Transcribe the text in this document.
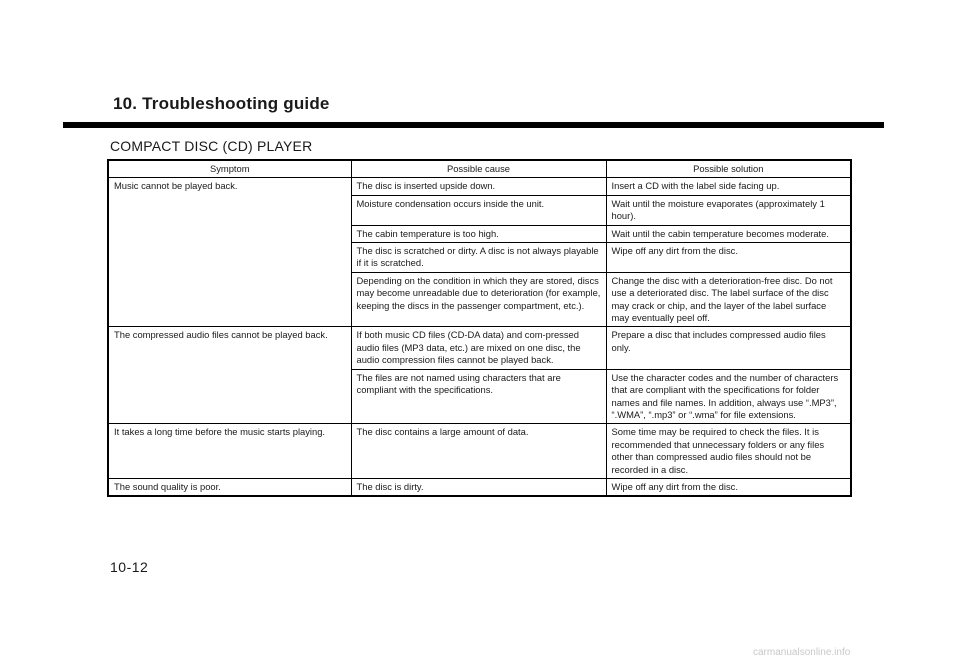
10. Troubleshooting guide
COMPACT DISC (CD) PLAYER
Symptom	Possible cause	Possible solution
Music cannot be played back.	The disc is inserted upside down.	Insert a CD with the label side facing up.
	Moisture condensation occurs inside the unit.	Wait until the moisture evaporates (approximately 1 hour).
	The cabin temperature is too high.	Wait until the cabin temperature becomes moderate.
	The disc is scratched or dirty. A disc is not always playable if it is scratched.	Wipe off any dirt from the disc.
	Depending on the condition in which they are stored, discs may become unreadable due to deterioration (for example, keeping the discs in the passenger compartment, etc.).	Change the disc with a deterioration-free disc. Do not use a deteriorated disc. The label surface of the disc may crack or chip, and the layer of the label surface may eventually peel off.
The compressed audio files cannot be played back.	If both music CD files (CD-DA data) and com-pressed audio files (MP3 data, etc.) are mixed on one disc, the audio compression files cannot be played back.	Prepare a disc that includes compressed audio files only.
	The files are not named using characters that are compliant with the specifications.	Use the character codes and the number of characters that are compliant with the specifications for folder names and file names. In addition, always use “.MP3”, “.WMA”, “.mp3” or “.wma” for file extensions.
It takes a long time before the music starts playing.	The disc contains a large amount of data.	Some time may be required to check the files. It is recommended that unnecessary folders or any files other than compressed audio files should not be recorded in a disc.
The sound quality is poor.	The disc is dirty.	Wipe off any dirt from the disc.

10-12

carmanualsonline.info
